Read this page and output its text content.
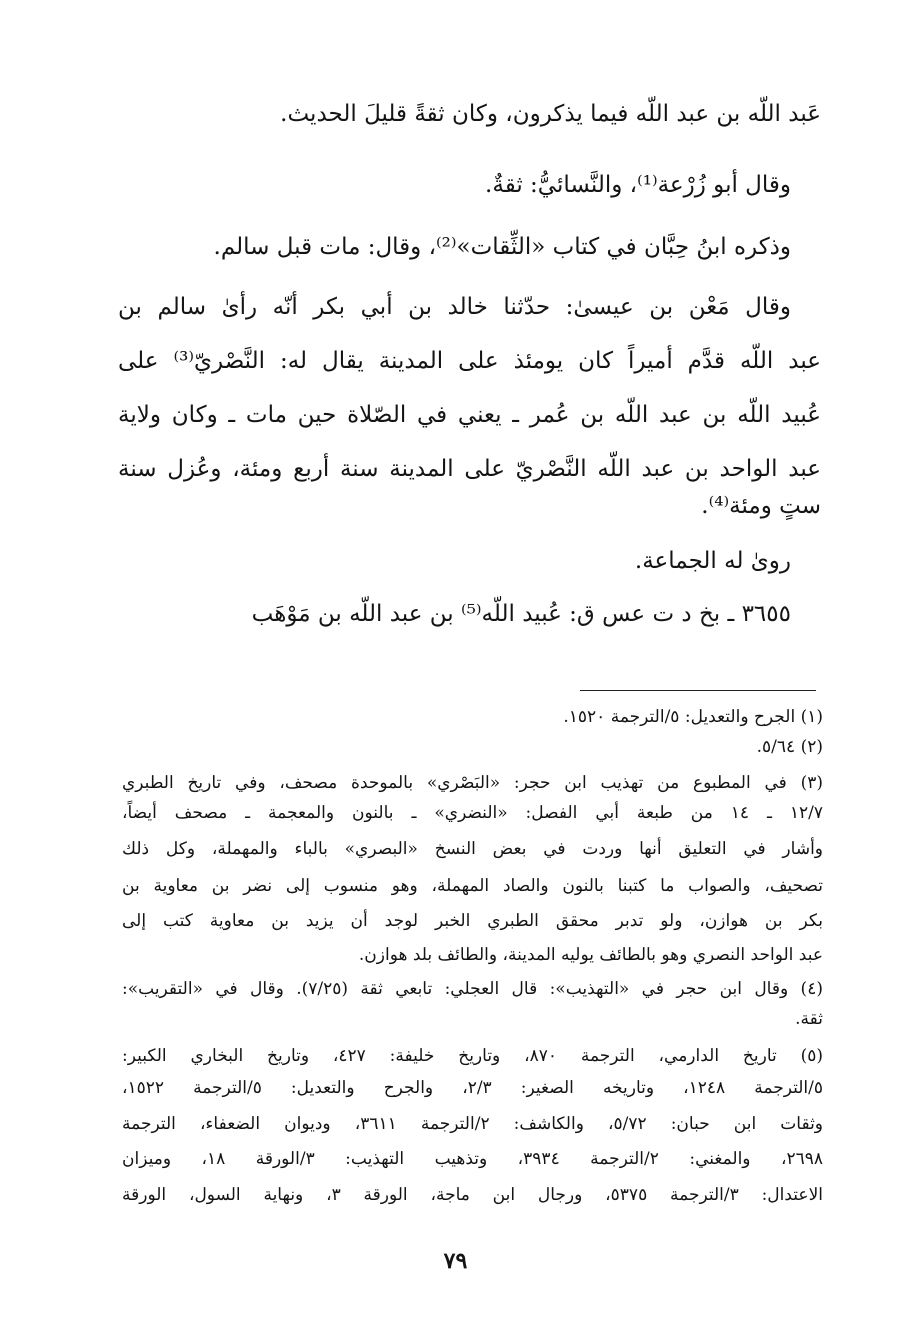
عَبد اللّه بن عبد اللّه فيما يذكرون، وكان ثقةً قليلَ الحديث.

وقال أبو زُرْعة⁽¹⁾، والنَّسائيُّ: ثقةٌ.

وذكره ابنُ حِبَّان في كتاب «الثِّقات»⁽²⁾، وقال: مات قبل سالم.

وقال مَعْن بن عيسىٰ: حدّثنا خالد بن أبي بكر أنّه رأىٰ سالم بن

عبد اللّه قدَّم أميراً كان يومئذ على المدينة يقال له: النَّصْريّ⁽³⁾ على

عُبيد اللّه بن عبد اللّه بن عُمر ـ يعني في الصّلاة حين مات ـ وكان ولاية

عبد الواحد بن عبد اللّه النَّصْريّ على المدينة سنة أربع ومئة، وعُزل سنة

ستٍ ومئة⁽⁴⁾.

روىٰ له الجماعة.

٣٦٥٥ ـ بخ د ت عس ق: عُبيد اللّه⁽⁵⁾ بن عبد اللّه بن مَوْهَب

(١) الجرح والتعديل: ٥/الترجمة ١٥٢٠.

(٢) ٥/٦٤.

(٣) في المطبوع من تهذيب ابن حجر: «البَصْري» بالموحدة مصحف، وفي تاريخ الطبري

١٢/٧ ـ ١٤ من طبعة أبي الفصل: «النضري» ـ بالنون والمعجمة ـ مصحف أيضاً،

وأشار في التعليق أنها وردت في بعض النسخ «البصري» بالباء والمهملة، وكل ذلك

تصحيف، والصواب ما كتبنا بالنون والصاد المهملة، وهو منسوب إلى نضر بن معاوية بن

بكر بن هوازن، ولو تدبر محقق الطبري الخبر لوجد أن يزيد بن معاوية كتب إلى

عبد الواحد النصري وهو بالطائف يوليه المدينة، والطائف بلد هوازن.

(٤) وقال ابن حجر في «التهذيب»: قال العجلي: تابعي ثقة (٧/٢٥). وقال في «التقريب»:

ثقة.

(٥) تاريخ الدارمي، الترجمة ٨٧٠، وتاريخ خليفة: ٤٢٧، وتاريخ البخاري الكبير:

٥/الترجمة ١٢٤٨، وتاريخه الصغير: ٢/٣، والجرح والتعديل: ٥/الترجمة ١٥٢٢،

وثقات ابن حبان: ٥/٧٢، والكاشف: ٢/الترجمة ٣٦١١، وديوان الضعفاء، الترجمة

٢٦٩٨، والمغني: ٢/الترجمة ٣٩٣٤، وتذهيب التهذيب: ٣/الورقة ١٨، وميزان

الاعتدال: ٣/الترجمة ٥٣٧٥، ورجال ابن ماجة، الورقة ٣، ونهاية السول، الورقة

٧٩
